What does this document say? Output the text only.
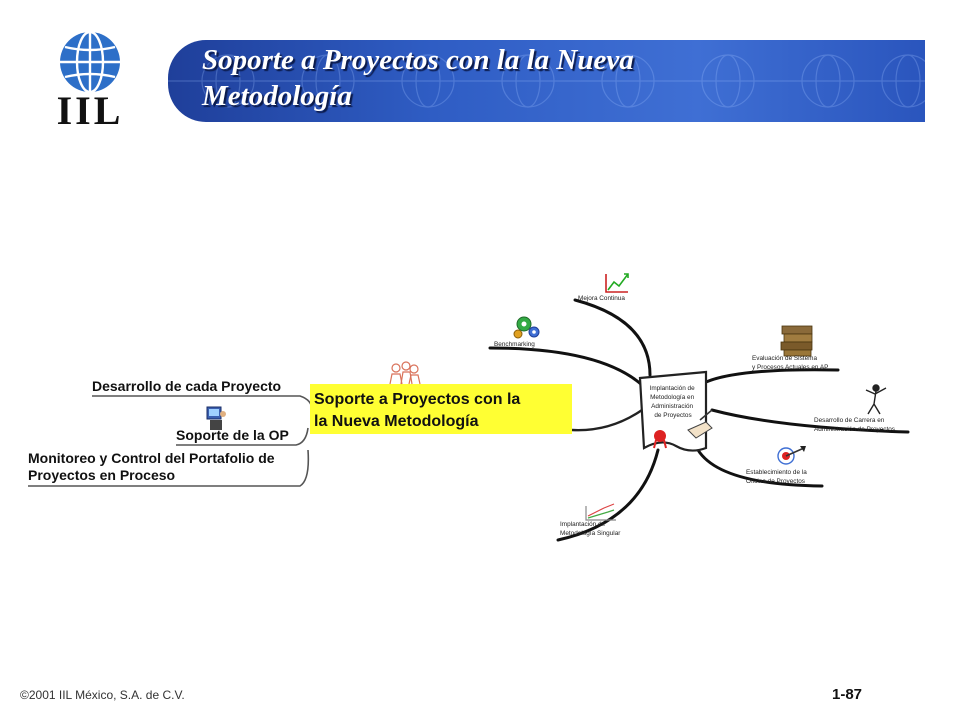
Soporte a Proyectos con la la Nueva
Metodología
IIL
Soporte a Proyectos con la la Nueva Metodología
Desarrollo de cada Proyecto
Soporte de la OP
Monitoreo y Control del Portafolio de Proyectos en Proceso
Implantación de Metodología en Administración de Proyectos
Mejora Continua
Benchmarking
Evaluación de Sistema y Procesos Actuales en AP
Desarrollo de Carrera en Administración de Proyectos
Establecimiento de la Oficina de Proyectos
Implantación de Metodología Singular
©2001 IIL México, S.A. de C.V.	1-87
